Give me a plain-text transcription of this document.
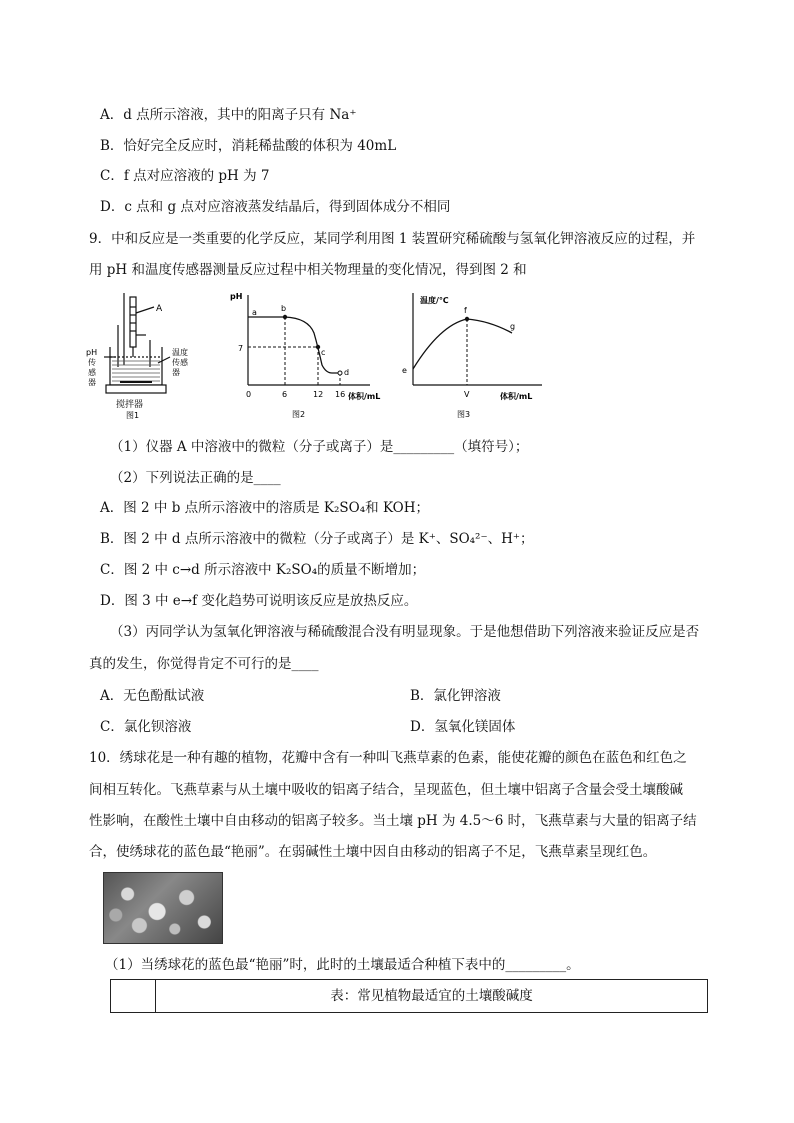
A．d 点所示溶液，其中的阳离子只有 Na⁺
B．恰好完全反应时，消耗稀盐酸的体积为 40mL
C．f 点对应溶液的 pH 为 7
D．c 点和 g 点对应溶液蒸发结晶后，得到固体成分不相同
9．中和反应是一类重要的化学反应，某同学利用图 1 装置研究稀硫酸与氢氧化钾溶液反应的过程，并
用 pH 和温度传感器测量反应过程中相关物理量的变化情况，得到图 2 和
A
pH
传
感
器
温度
传感
器
搅拌器
图1
pH
a	b
c
d
7
0	6	12 16 体积/mL
图2
温度/℃
e
f
g
V	体积/mL
图3
（1）仪器 A 中溶液中的微粒（分子或离子）是_________（填符号）；
（2）下列说法正确的是____
A．图 2 中 b 点所示溶液中的溶质是 K₂SO₄和 KOH；
B．图 2 中 d 点所示溶液中的微粒（分子或离子）是 K⁺、SO₄²⁻、H⁺；
C．图 2 中 c→d 所示溶液中 K₂SO₄的质量不断增加；
D．图 3 中 e→f 变化趋势可说明该反应是放热反应。
（3）丙同学认为氢氧化钾溶液与稀硫酸混合没有明显现象。于是他想借助下列溶液来验证反应是否
真的发生，你觉得肯定不可行的是____
A．无色酚酞试液	B．氯化钾溶液
C．氯化钡溶液	D．氢氧化镁固体
10．绣球花是一种有趣的植物，花瓣中含有一种叫飞燕草素的色素，能使花瓣的颜色在蓝色和红色之
间相互转化。飞燕草素与从土壤中吸收的铝离子结合，呈现蓝色，但土壤中铝离子含量会受土壤酸碱
性影响，在酸性土壤中自由移动的铝离子较多。当土壤 pH 为 4.5～6 时，飞燕草素与大量的铝离子结
合，使绣球花的蓝色最“艳丽”。在弱碱性土壤中因自由移动的铝离子不足，飞燕草素呈现红色。
（1）当绣球花的蓝色最“艳丽”时，此时的土壤最适合种植下表中的_________。
表：常见植物最适宜的土壤酸碱度
